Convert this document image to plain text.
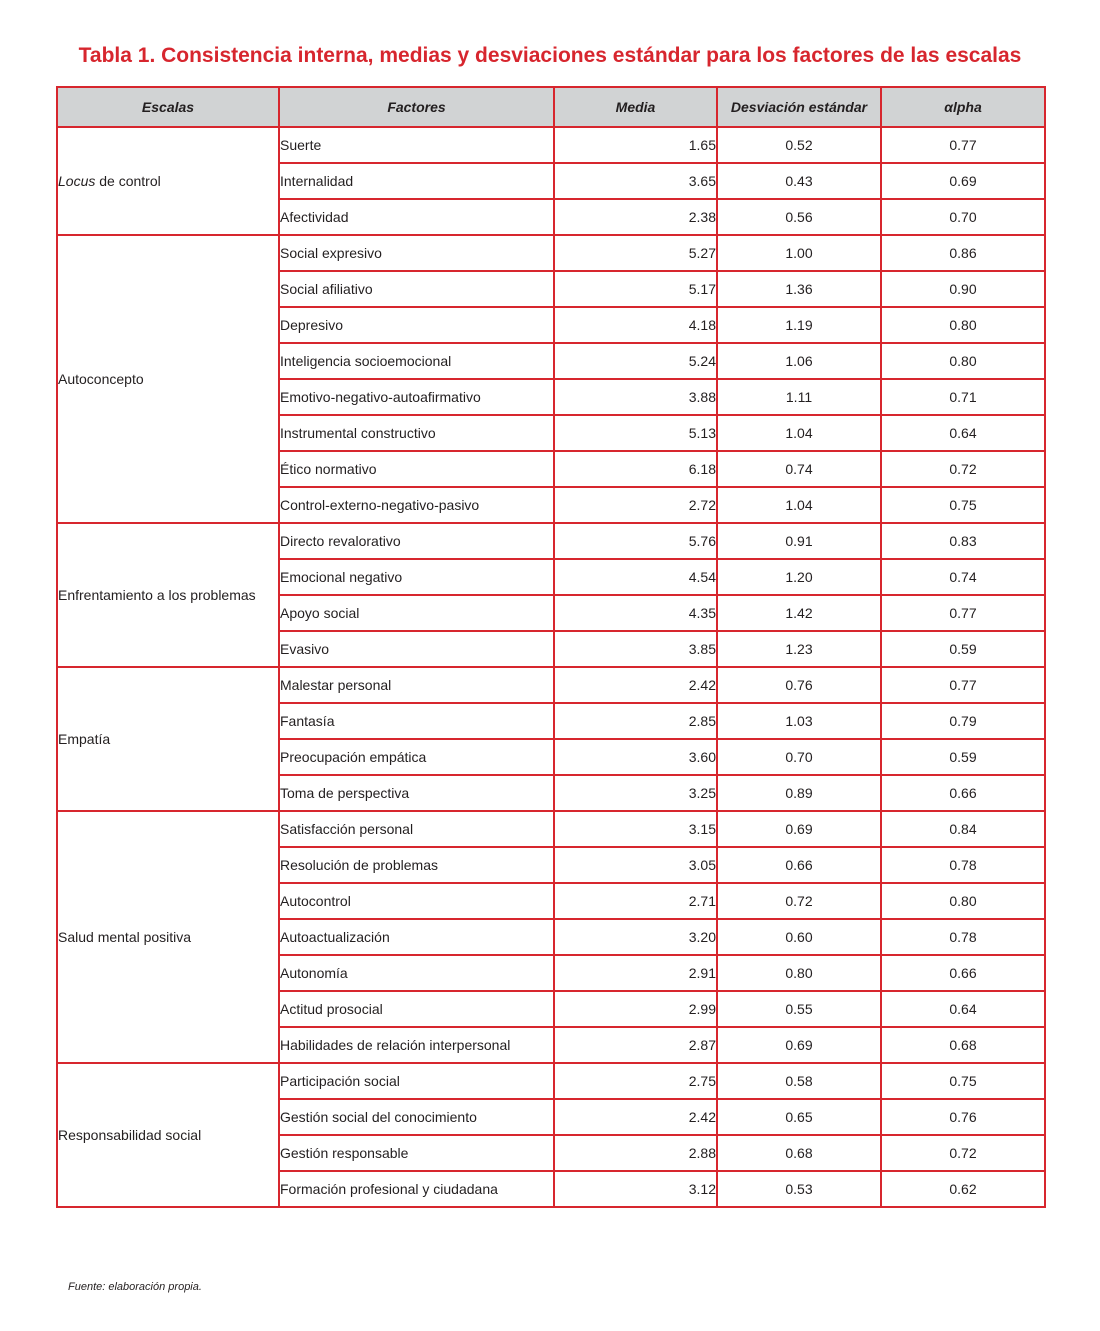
Tabla 1. Consistencia interna, medias y desviaciones estándar para los factores de las escalas
Escalas	Factores	Media	Desviación estándar	αlpha
Locus de control	Suerte	1.65	0.52	0.77
	Internalidad	3.65	0.43	0.69
	Afectividad	2.38	0.56	0.70
Autoconcepto	Social expresivo	5.27	1.00	0.86
	Social afiliativo	5.17	1.36	0.90
	Depresivo	4.18	1.19	0.80
	Inteligencia socioemocional	5.24	1.06	0.80
	Emotivo-negativo-autoafirmativo	3.88	1.11	0.71
	Instrumental constructivo	5.13	1.04	0.64
	Ético normativo	6.18	0.74	0.72
	Control-externo-negativo-pasivo	2.72	1.04	0.75
Enfrentamiento a los problemas	Directo revalorativo	5.76	0.91	0.83
	Emocional negativo	4.54	1.20	0.74
	Apoyo social	4.35	1.42	0.77
	Evasivo	3.85	1.23	0.59
Empatía	Malestar personal	2.42	0.76	0.77
	Fantasía	2.85	1.03	0.79
	Preocupación empática	3.60	0.70	0.59
	Toma de perspectiva	3.25	0.89	0.66
Salud mental positiva	Satisfacción personal	3.15	0.69	0.84
	Resolución de problemas	3.05	0.66	0.78
	Autocontrol	2.71	0.72	0.80
	Autoactualización	3.20	0.60	0.78
	Autonomía	2.91	0.80	0.66
	Actitud prosocial	2.99	0.55	0.64
	Habilidades de relación interpersonal	2.87	0.69	0.68
Responsabilidad social	Participación social	2.75	0.58	0.75
	Gestión social del conocimiento	2.42	0.65	0.76
	Gestión responsable	2.88	0.68	0.72
	Formación profesional y ciudadana	3.12	0.53	0.62
Fuente: elaboración propia.
